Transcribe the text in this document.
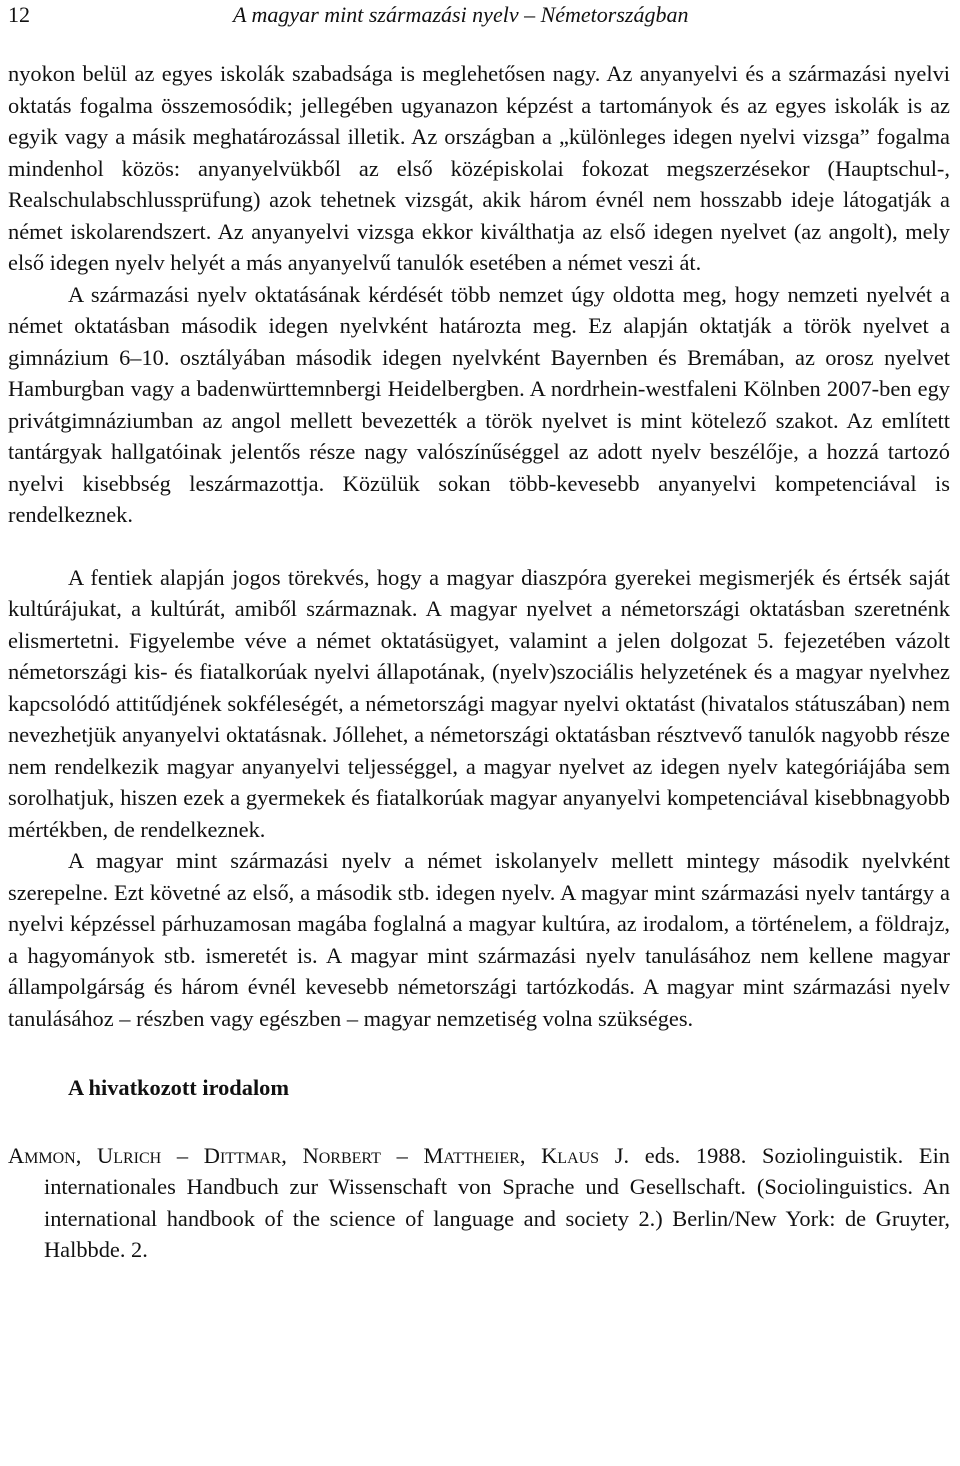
12	A magyar mint származási nyelv – Németországban

nyokon belül az egyes iskolák szabadsága is meglehetősen nagy. Az anyanyelvi és a származási nyelvi oktatás fogalma összemosódik; jellegében ugyanazon képzést a tartományok és az egyes iskolák is az egyik vagy a másik meghatározással illetik. Az országban a „különleges idegen nyelvi vizsga” fogalma mindenhol közös: anyanyelvükből az első középiskolai fokozat megszerzésekor (Hauptschul-, Realschulabschlussprüfung) azok tehetnek vizsgát, akik három évnél nem hosszabb ideje látogatják a német iskolarendszert. Az anyanyelvi vizsga ekkor kiválthatja az első idegen nyelvet (az angolt), mely első idegen nyelv helyét a más anyanyelvű tanulók esetében a német veszi át.

A származási nyelv oktatásának kérdését több nemzet úgy oldotta meg, hogy nemzeti nyelvét a német oktatásban második idegen nyelvként határozta meg. Ez alapján oktatják a török nyelvet a gimnázium 6–10. osztályában második idegen nyelvként Bayernben és Bremában, az orosz nyelvet Hamburgban vagy a badenwürttemnbergi Heidelbergben. A nordrhein-westfaleni Kölnben 2007-ben egy privátgimnáziumban az angol mellett bevezették a török nyelvet is mint kötelező szakot. Az említett tantárgyak hallgatóinak jelentős része nagy valószínűséggel az adott nyelv beszélője, a hozzá tartozó nyelvi kisebbség leszármazottja. Közülük sokan több-kevesebb anyanyelvi kompetenciával is rendelkeznek.

A fentiek alapján jogos törekvés, hogy a magyar diaszpóra gyerekei megismerjék és értsék saját kultúrájukat, a kultúrát, amiből származnak. A magyar nyelvet a németországi oktatásban szeretnénk elismertetni. Figyelembe véve a német oktatásügyet, valamint a jelen dolgozat 5. fejezetében vázolt németországi kis- és fiatalkorúak nyelvi állapotának, (nyelv)szociális helyzetének és a magyar nyelvhez kapcsolódó attitűdjének sokféleségét, a németországi magyar nyelvi oktatást (hivatalos státuszában) nem nevezhetjük anyanyelvi oktatásnak. Jóllehet, a németországi oktatásban résztvevő tanulók nagyobb része nem rendelkezik magyar anyanyelvi teljességgel, a magyar nyelvet az idegen nyelv kategóriájába sem sorolhatjuk, hiszen ezek a gyermekek és fiatalkorúak magyar anyanyelvi kompetenciával kisebbnagyobb mértékben, de rendelkeznek.

A magyar mint származási nyelv a német iskolanyelv mellett mintegy második nyelvként szerepelne. Ezt követné az első, a második stb. idegen nyelv. A magyar mint származási nyelv tantárgy a nyelvi képzéssel párhuzamosan magába foglalná a magyar kultúra, az irodalom, a történelem, a földrajz, a hagyományok stb. ismeretét is. A magyar mint származási nyelv tanulásához nem kellene magyar állampolgárság és három évnél kevesebb németországi tartózkodás. A magyar mint származási nyelv tanulásához – részben vagy egészben – magyar nemzetiség volna szükséges.

A hivatkozott irodalom
Ammon, Ulrich – Dittmar, Norbert – Mattheier, Klaus J. eds. 1988. Soziolinguistik. Ein internationales Handbuch zur Wissenschaft von Sprache und Gesellschaft. (Sociolinguistics. An international handbook of the science of language and society 2.) Berlin/New York: de Gruyter, Halbbde. 2.
